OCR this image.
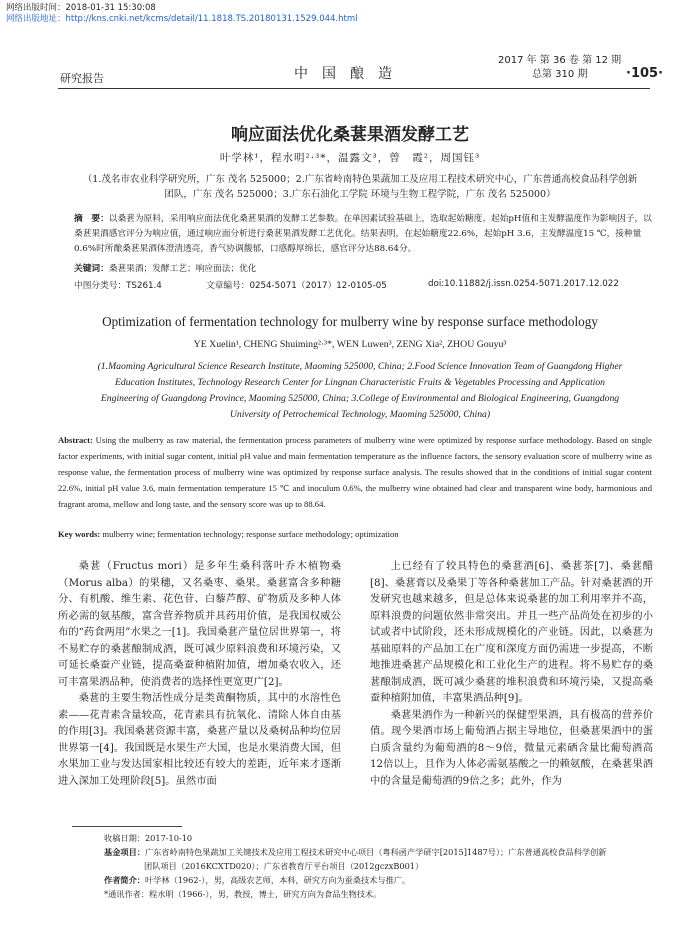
网络出版时间：2018-01-31 15:30:08
网络出版地址：http://kns.cnki.net/kcms/detail/11.1818.TS.20180131.1529.044.html
研究报告	中国酿造
2017 年 第 36 卷 第 12 期
总第 310 期	·105·
响应面法优化桑葚果酒发酵工艺
叶学林¹，程水明²·³*，温露文³，曾　霞²，周国钰³
（1.茂名市农业科学研究所，广东 茂名 525000；2.广东省岭南特色果蔬加工及应用工程技术研究中心，广东普通高校食品科学创新团队，广东 茂名 525000；3.广东石油化工学院 环境与生物工程学院，广东 茂名 525000）
摘　要：以桑葚为原料，采用响应面法优化桑葚果酒的发酵工艺参数。在单因素试验基础上，选取起始糖度、起始pH值和主发酵温度作为影响因子，以桑葚果酒感官评分为响应值，通过响应面分析进行桑葚果酒发酵工艺优化。结果表明，在起始糖度22.6%，起始pH 3.6，主发酵温度15 ℃，接种量0.6%时所酿桑葚果酒体澄清透亮，香气协调馥郁，口感醇厚绵长，感官评分达88.64分。
关键词：桑葚果酒；发酵工艺；响应面法；优化
中图分类号：TS261.4	文章编号：0254-5071（2017）12-0105-05	doi:10.11882/j.issn.0254-5071.2017.12.022
Optimization of fermentation technology for mulberry wine by response surface methodology
YE Xuelin¹, CHENG Shuiming²·³*, WEN Luwen³, ZENG Xia², ZHOU Gouyu³
(1.Maoming Agricultural Science Research Institute, Maoming 525000, China; 2.Food Science Innovation Team of Guangdong Higher Education Institutes, Technology Research Center for Lingnan Characteristic Fruits & Vegetables Processing and Application Engineering of Guangdong Province, Maoming 525000, China; 3.College of Environmental and Biological Engineering, Guangdong University of Petrochemical Technology, Maoming 525000, China)
Abstract: Using the mulberry as raw material, the fermentation process parameters of mulberry wine were optimized by response surface methodology. Based on single factor experiments, with initial sugar content, initial pH value and main fermentation temperature as the influence factors, the sensory evaluation score of mulberry wine as response value, the fermentation process of mulberry wine was optimized by response surface analysis. The results showed that in the conditions of initial sugar content 22.6%, initial pH value 3.6, main fermentation temperature 15 ℃ and inoculum 0.6%, the mulberry wine obtained had clear and transparent wine body, harmonious and fragrant aroma, mellow and long taste, and the sensory score was up to 88.64.
Key words: mulberry wine; fermentation technology; response surface methodology; optimization

桑葚（Fructus mori）是多年生桑科落叶乔木植物桑（Morus alba）的果穗，又名桑枣、桑果。桑葚富含多种糖分、有机酸、维生素、花色苷、白藜芦醇、矿物质及多种人体所必需的氨基酸，富含营养物质并具药用价值，是我国权威公布的“药食两用”水果之一[1]。我国桑葚产量位居世界第一，将不易贮存的桑葚酿制成酒，既可减少原料浪费和环境污染，又可延长桑蚕产业链，提高桑蚕种植附加值，增加桑农收入，还可丰富果酒品种，使消费者的选择性更宽更广[2]。

桑葚的主要生物活性成分是类黄酮物质，其中的水溶性色素——花青素含量较高，花青素具有抗氧化、清除人体自由基的作用[3]。我国桑葚资源丰富，桑葚产量以及桑树品种均位居世界第一[4]。我国既是水果生产大国，也是水果消费大国，但水果加工业与发达国家相比较还有较大的差距，近年来才逐渐进入深加工处理阶段[5]。虽然市面

上已经有了较具特色的桑葚酒[6]、桑葚茶[7]、桑葚醋[8]、桑葚膏以及桑果丁等各种桑葚加工产品。针对桑葚酒的开发研究也越来越多，但是总体来说桑葚的加工利用率并不高，原料浪费的问题依然非常突出。并且一些产品尚处在初步的小试或者中试阶段，还未形成规模化的产业链。因此，以桑葚为基础原料的产品加工在广度和深度方面仍需进一步提高，不断地推进桑葚产品规模化和工业化生产的进程。将不易贮存的桑葚酿制成酒，既可减少桑葚的堆积浪费和环境污染，又提高桑蚕种植附加值，丰富果酒品种[9]。

桑葚果酒作为一种新兴的保健型果酒，具有极高的营养价值。现今果酒市场上葡萄酒占据主导地位，但桑葚果酒中的蛋白质含量约为葡萄酒的8～9倍，微量元素硒含量比葡萄酒高12倍以上，且作为人体必需氨基酸之一的赖氨酸，在桑葚果酒中的含量是葡萄酒的9倍之多；此外，作为

收稿日期：2017-10-10
基金项目：广东省岭南特色果蔬加工关键技术及应用工程技术研究中心项目（粤科函产学研字[2015]1487号）；广东普通高校食品科学创新
团队项目（2016KCXTD020）；广东省教育厅平台项目（2012gczxB001）
作者简介：叶学林（1962-），男，高级农艺师，本科，研究方向为蚕桑技术与推广。
*通讯作者：程水明（1966-），男，教授，博士，研究方向为食品生物技术。
